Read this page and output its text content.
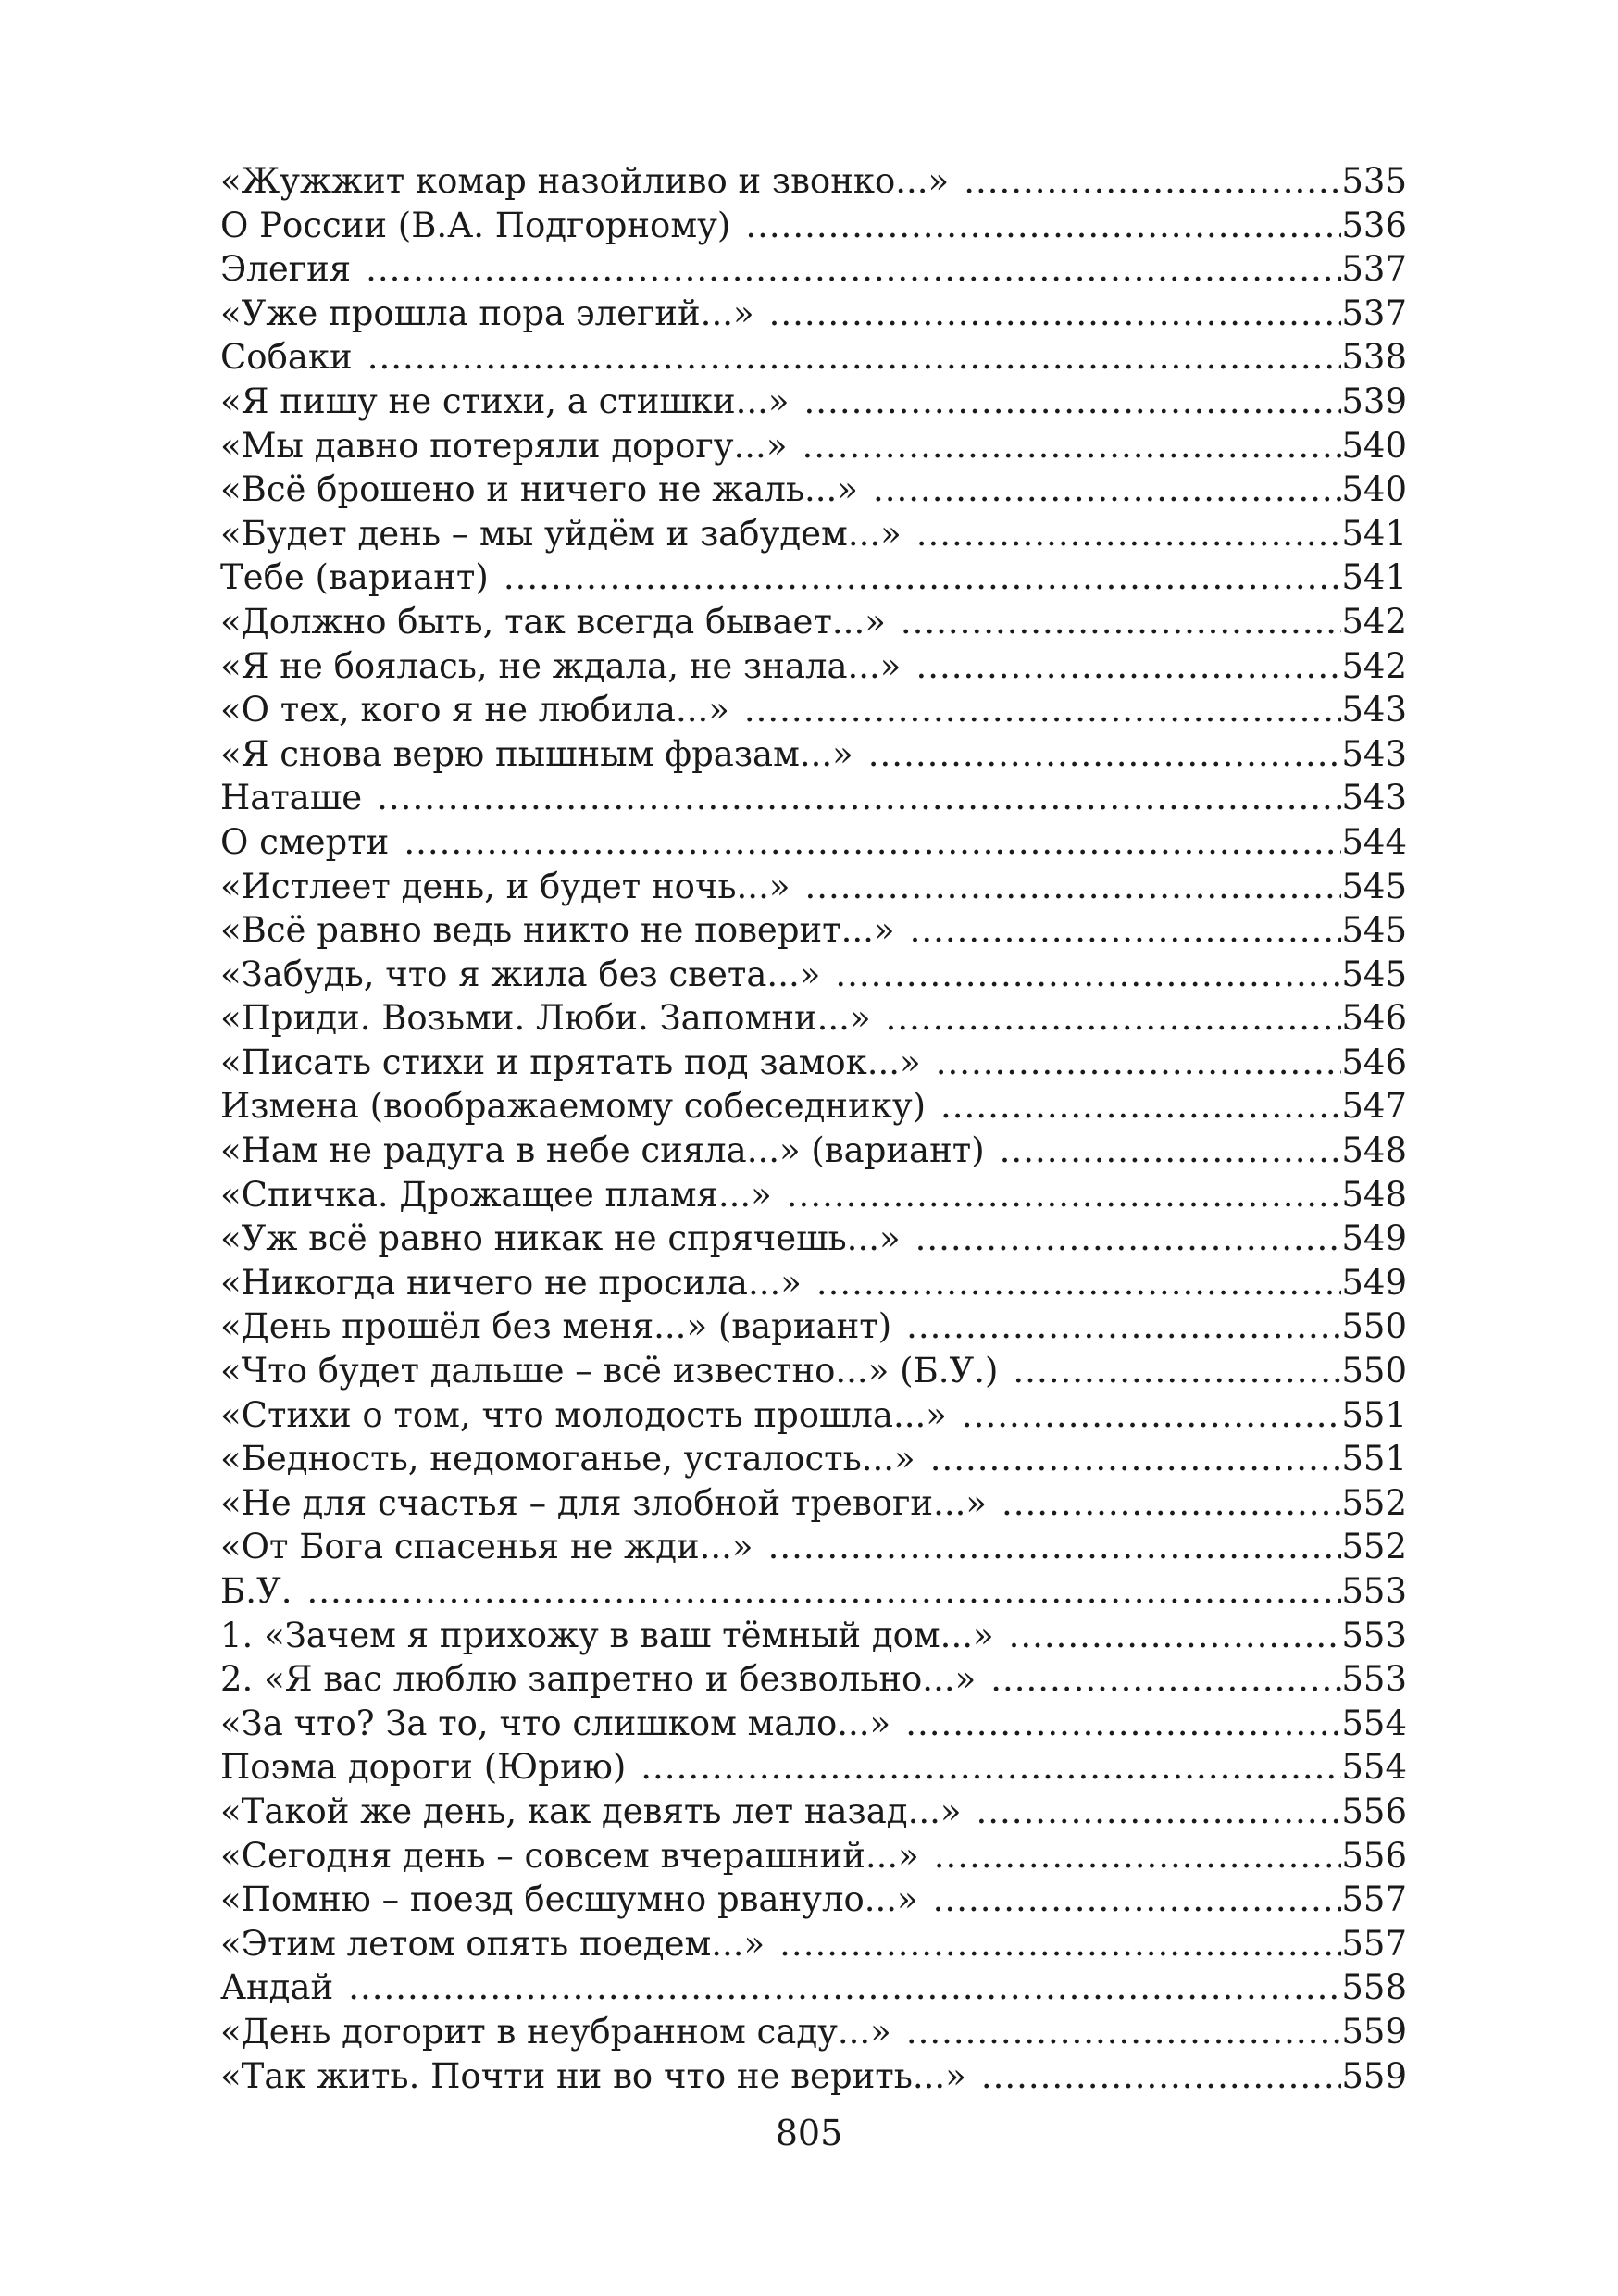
«Жужжит комар назойливо и звонко...» .....	535
О России (В.А. Подгорному) .....	536
Элегия .....	537
«Уже прошла пора элегий...» .....	537
Собаки .....	538
«Я пишу не стихи, а стишки...» .....	539
«Мы давно потеряли дорогу...» .....	540
«Всё брошено и ничего не жаль...» .....	540
«Будет день – мы уйдём и забудем...» .....	541
Тебе (вариант) .....	541
«Должно быть, так всегда бывает...» .....	542
«Я не боялась, не ждала, не знала...» .....	542
«О тех, кого я не любила...» .....	543
«Я снова верю пышным фразам...» .....	543
Наташе .....	543
О смерти .....	544
«Истлеет день, и будет ночь...» .....	545
«Всё равно ведь никто не поверит...» .....	545
«Забудь, что я жила без света...» .....	545
«Приди. Возьми. Люби. Запомни...» .....	546
«Писать стихи и прятать под замок...» .....	546
Измена (воображаемому собеседнику) .....	547
«Нам не радуга в небе сияла...» (вариант) .....	548
«Спичка. Дрожащее пламя...» .....	548
«Уж всё равно никак не спрячешь...» .....	549
«Никогда ничего не просила...» .....	549
«День прошёл без меня...» (вариант) .....	550
«Что будет дальше – всё известно...» (Б.У.) .....	550
«Стихи о том, что молодость прошла...» .....	551
«Бедность, недомоганье, усталость...» .....	551
«Не для счастья – для злобной тревоги...» .....	552
«От Бога спасенья не жди...» .....	552
Б.У. .....	553
1. «Зачем я прихожу в ваш тёмный дом...» .....	553
2. «Я вас люблю запретно и безвольно...» .....	553
«За что? За то, что слишком мало...» .....	554
Поэма дороги (Юрию) .....	554
«Такой же день, как девять лет назад...» .....	556
«Сегодня день – совсем вчерашний...» .....	556
«Помню – поезд бесшумно рвануло...» .....	557
«Этим летом опять поедем...» .....	557
Андай .....	558
«День догорит в неубранном саду...» .....	559
«Так жить. Почти ни во что не верить...» .....	559
805
